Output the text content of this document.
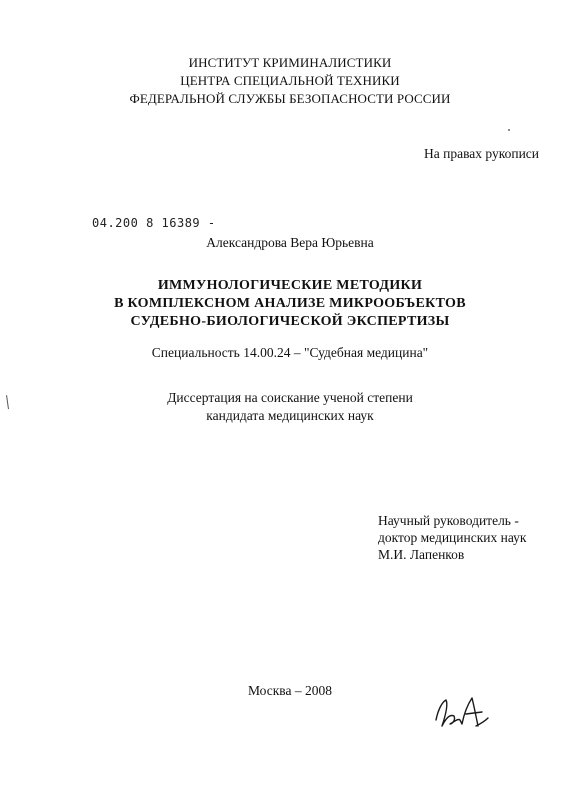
ИНСТИТУТ КРИМИНАЛИСТИКИ
ЦЕНТРА СПЕЦИАЛЬНОЙ ТЕХНИКИ
ФЕДЕРАЛЬНОЙ СЛУЖБЫ БЕЗОПАСНОСТИ РОССИИ
На правах рукописи
04.200 8 16389 -
Александрова Вера Юрьевна
ИММУНОЛОГИЧЕСКИЕ МЕТОДИКИ
В КОМПЛЕКСНОМ АНАЛИЗЕ МИКРООБЪЕКТОВ
СУДЕБНО-БИОЛОГИЧЕСКОЙ ЭКСПЕРТИЗЫ
Специальность 14.00.24 – "Судебная медицина"
Диссертация на соискание ученой степени
кандидата медицинских наук
Научный руководитель -
доктор медицинских наук
М.И. Лапенков
Москва – 2008
